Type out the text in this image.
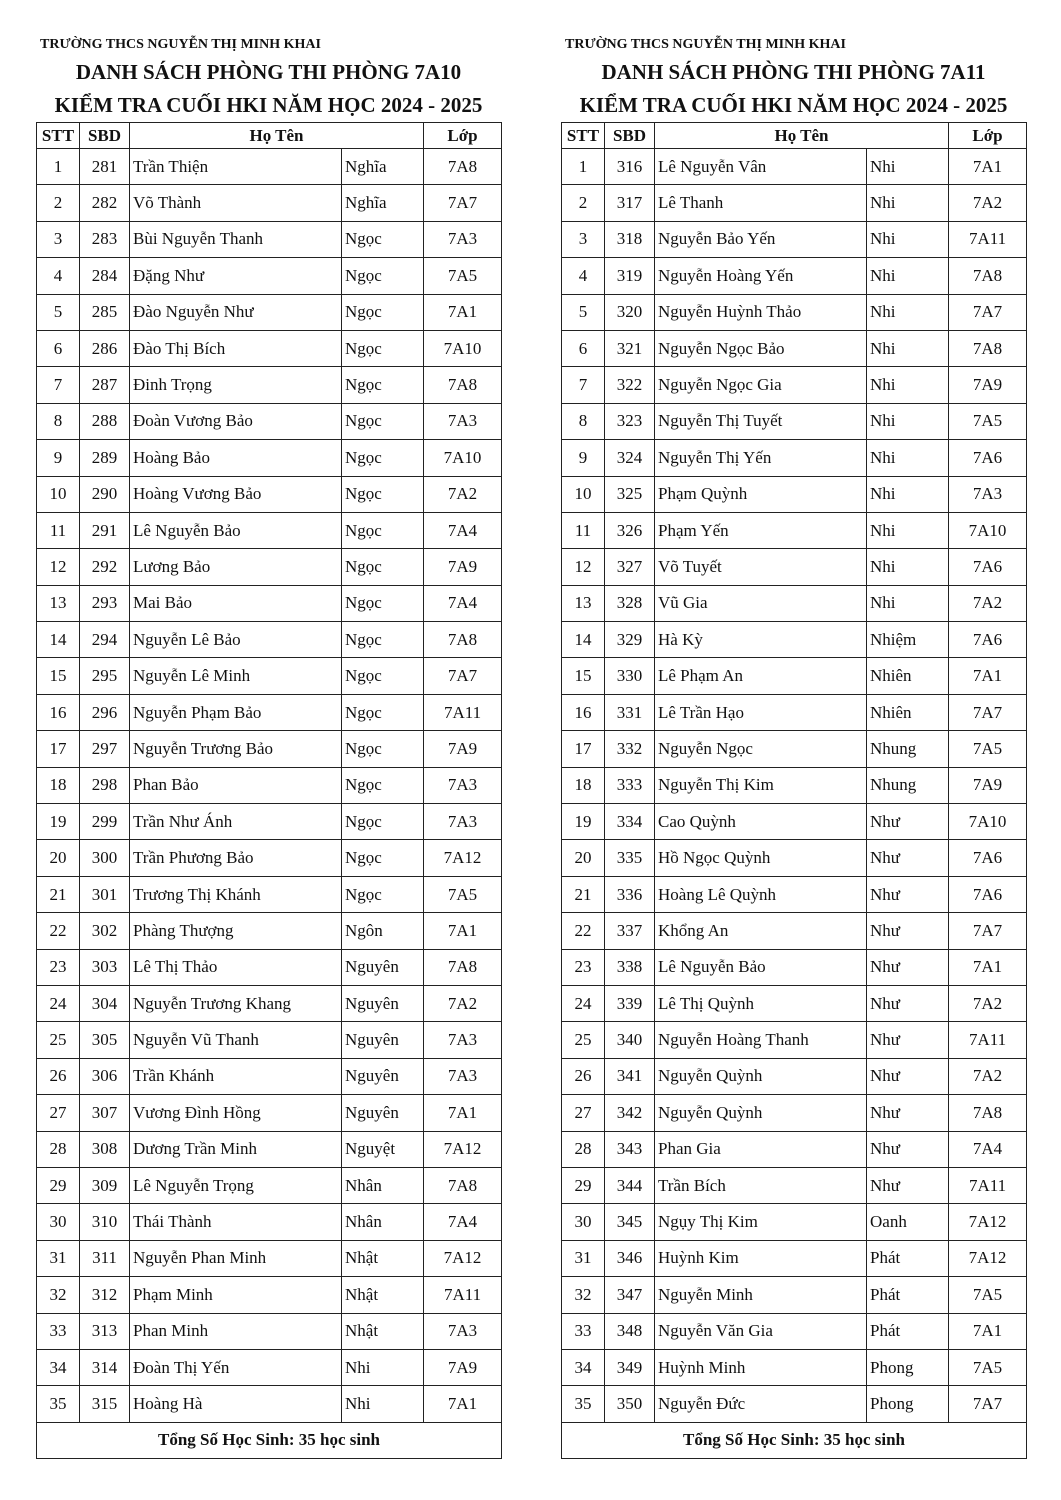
TRƯỜNG THCS NGUYỄN THỊ MINH KHAI
DANH SÁCH PHÒNG THI PHÒNG 7A10
KIỂM TRA CUỐI HKI NĂM HỌC 2024 - 2025
STT	SBD	Họ Tên		Lớp
1	281	Trần Thiện	Nghĩa	7A8
2	282	Võ Thành	Nghĩa	7A7
3	283	Bùi Nguyễn Thanh	Ngọc	7A3
4	284	Đặng Như	Ngọc	7A5
5	285	Đào Nguyễn Như	Ngọc	7A1
6	286	Đào Thị Bích	Ngọc	7A10
7	287	Đinh Trọng	Ngọc	7A8
8	288	Đoàn Vương Bảo	Ngọc	7A3
9	289	Hoàng Bảo	Ngọc	7A10
10	290	Hoàng Vương Bảo	Ngọc	7A2
11	291	Lê Nguyễn Bảo	Ngọc	7A4
12	292	Lương Bảo	Ngọc	7A9
13	293	Mai Bảo	Ngọc	7A4
14	294	Nguyễn Lê Bảo	Ngọc	7A8
15	295	Nguyễn Lê Minh	Ngọc	7A7
16	296	Nguyễn Phạm Bảo	Ngọc	7A11
17	297	Nguyễn Trương Bảo	Ngọc	7A9
18	298	Phan Bảo	Ngọc	7A3
19	299	Trần Như Ánh	Ngọc	7A3
20	300	Trần Phương Bảo	Ngọc	7A12
21	301	Trương Thị Khánh	Ngọc	7A5
22	302	Phàng Thượng	Ngôn	7A1
23	303	Lê Thị Thảo	Nguyên	7A8
24	304	Nguyễn Trương Khang	Nguyên	7A2
25	305	Nguyễn Vũ Thanh	Nguyên	7A3
26	306	Trần Khánh	Nguyên	7A3
27	307	Vương Đình Hồng	Nguyên	7A1
28	308	Dương Trần Minh	Nguyệt	7A12
29	309	Lê Nguyễn Trọng	Nhân	7A8
30	310	Thái Thành	Nhân	7A4
31	311	Nguyễn Phan Minh	Nhật	7A12
32	312	Phạm Minh	Nhật	7A11
33	313	Phan Minh	Nhật	7A3
34	314	Đoàn Thị Yến	Nhi	7A9
35	315	Hoàng Hà	Nhi	7A1
Tổng Số Học Sinh: 35 học sinh				
TRƯỜNG THCS NGUYỄN THỊ MINH KHAI
DANH SÁCH PHÒNG THI PHÒNG 7A11
KIỂM TRA CUỐI HKI NĂM HỌC 2024 - 2025
STT	SBD	Họ Tên		Lớp
1	316	Lê Nguyễn Vân	Nhi	7A1
2	317	Lê Thanh	Nhi	7A2
3	318	Nguyễn Bảo Yến	Nhi	7A11
4	319	Nguyễn Hoàng Yến	Nhi	7A8
5	320	Nguyễn Huỳnh Thảo	Nhi	7A7
6	321	Nguyễn Ngọc Bảo	Nhi	7A8
7	322	Nguyễn Ngọc Gia	Nhi	7A9
8	323	Nguyễn Thị Tuyết	Nhi	7A5
9	324	Nguyễn Thị Yến	Nhi	7A6
10	325	Phạm Quỳnh	Nhi	7A3
11	326	Phạm Yến	Nhi	7A10
12	327	Võ Tuyết	Nhi	7A6
13	328	Vũ Gia	Nhi	7A2
14	329	Hà Kỳ	Nhiệm	7A6
15	330	Lê Phạm An	Nhiên	7A1
16	331	Lê Trần Hạo	Nhiên	7A7
17	332	Nguyễn Ngọc	Nhung	7A5
18	333	Nguyễn Thị Kim	Nhung	7A9
19	334	Cao Quỳnh	Như	7A10
20	335	Hồ Ngọc Quỳnh	Như	7A6
21	336	Hoàng Lê Quỳnh	Như	7A6
22	337	Khổng An	Như	7A7
23	338	Lê Nguyễn Bảo	Như	7A1
24	339	Lê Thị Quỳnh	Như	7A2
25	340	Nguyễn Hoàng Thanh	Như	7A11
26	341	Nguyễn Quỳnh	Như	7A2
27	342	Nguyễn Quỳnh	Như	7A8
28	343	Phan Gia	Như	7A4
29	344	Trần Bích	Như	7A11
30	345	Ngụy Thị Kim	Oanh	7A12
31	346	Huỳnh Kim	Phát	7A12
32	347	Nguyễn Minh	Phát	7A5
33	348	Nguyễn Văn Gia	Phát	7A1
34	349	Huỳnh Minh	Phong	7A5
35	350	Nguyễn Đức	Phong	7A7
Tổng Số Học Sinh: 35 học sinh				
